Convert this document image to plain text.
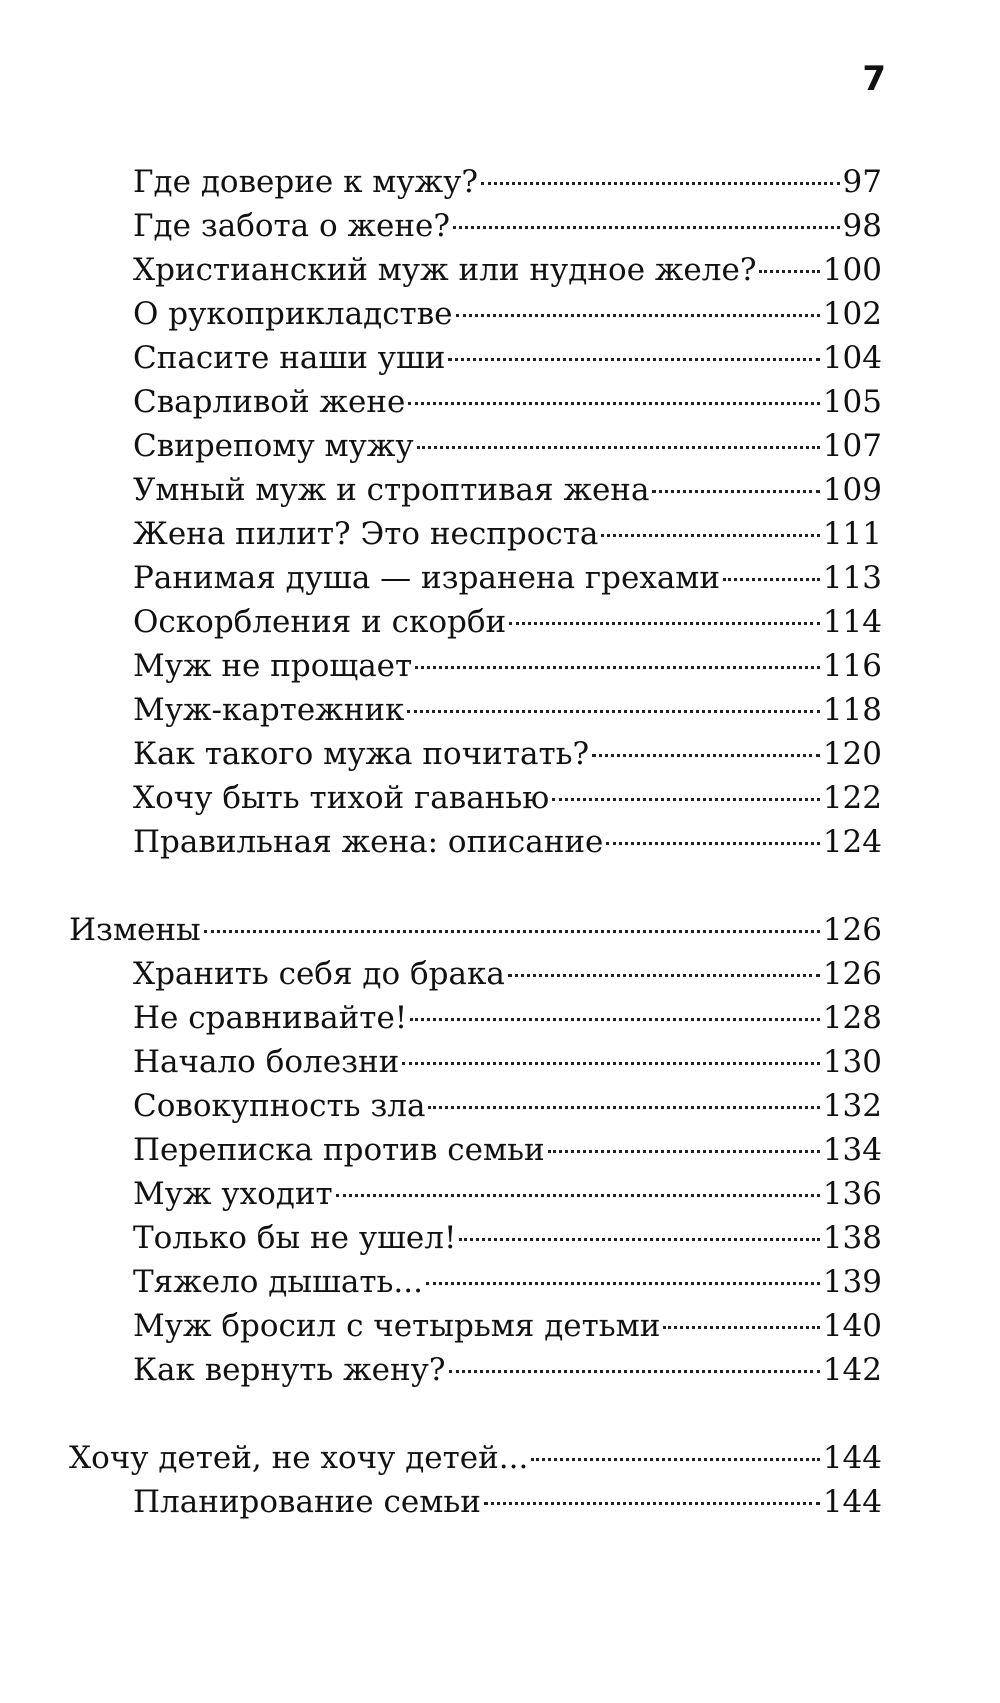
7
Где доверие к мужу?	97
Где забота о жене?	98
Христианский муж или нудное желе? 100
О рукоприкладстве	102
Спасите наши уши	104
Сварливой жене	105
Свирепому мужу	107
Умный муж и строптивая жена	109
Жена пилит? Это неспроста	111
Ранимая душа — изранена грехами	113
Оскорбления и скорби	114
Муж не прощает	116
Муж-картежник	118
Как такого мужа почитать?	120
Хочу быть тихой гаванью	122
Правильная жена: описание	124
Измены	126
Хранить себя до брака	126
Не сравнивайте!	128
Начало болезни	130
Совокупность зла	132
Переписка против семьи	134
Муж уходит	136
Только бы не ушел!	138
Тяжело дышать...	139
Муж бросил с четырьмя детьми	140
Как вернуть жену?	142
Хочу детей, не хочу детей...	144
Планирование семьи	144
